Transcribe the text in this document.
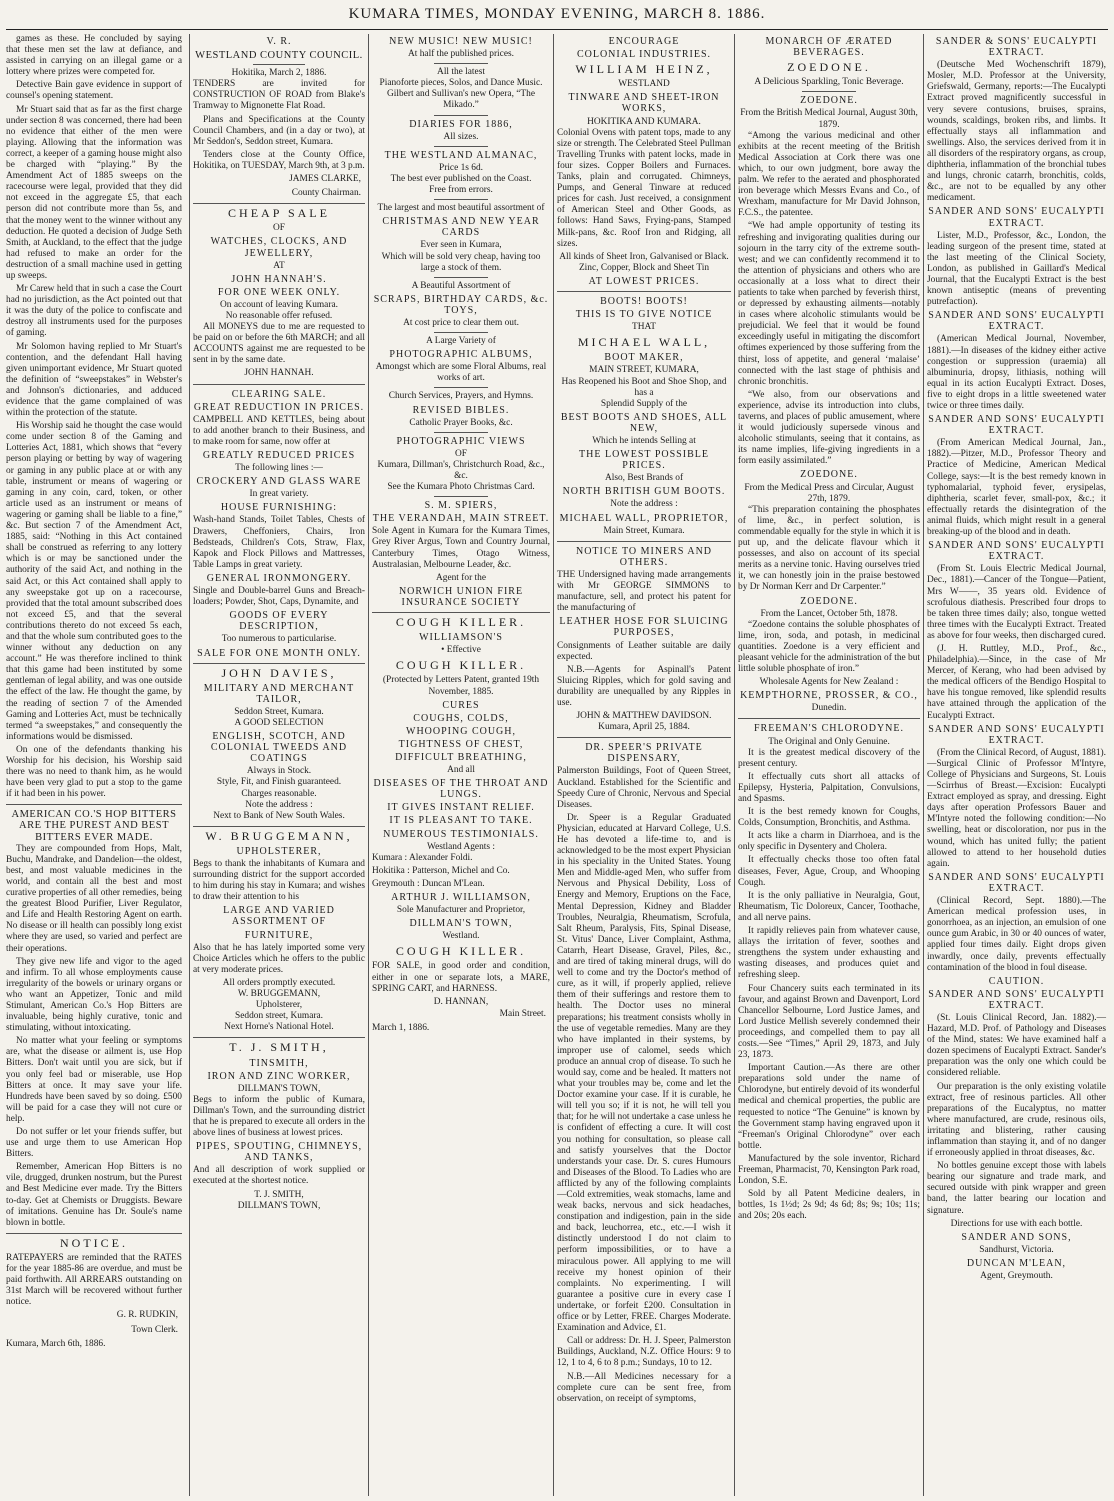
KUMARA TIMES, MONDAY EVENING, MARCH 8. 1886.

games as these. He concluded by saying that these men set the law at defiance, and assisted in carrying on an illegal game or a lottery where prizes were competed for.

Detective Bain gave evidence in support of counsel's opening statement.

Mr Stuart said that as far as the first charge under section 8 was concerned, there had been no evidence that either of the men were playing. Allowing that the information was correct, a keeper of a gaming house might also be charged with “playing.” By the Amendment Act of 1885 sweeps on the racecourse were legal, provided that they did not exceed in the aggregate £5, that each person did not contribute more than 5s, and that the money went to the winner without any deduction. He quoted a decision of Judge Seth Smith, at Auckland, to the effect that the judge had refused to make an order for the destruction of a small machine used in getting up sweeps.

Mr Carew held that in such a case the Court had no jurisdiction, as the Act pointed out that it was the duty of the police to confiscate and destroy all instruments used for the purposes of gaming.

Mr Solomon having replied to Mr Stuart's contention, and the defendant Hall having given unimportant evidence, Mr Stuart quoted the definition of “sweepstakes” in Webster's and Johnson's dictionaries, and adduced evidence that the game complained of was within the protection of the statute.

His Worship said he thought the case would come under section 8 of the Gaming and Lotteries Act, 1881, which shows that “every person playing or betting by way of wagering or gaming in any public place at or with any table, instrument or means of wagering or gaming in any coin, card, token, or other article used as an instrument or means of wagering or gaming shall be liable to a fine,” &c. But section 7 of the Amendment Act, 1885, said: “Nothing in this Act contained shall be construed as referring to any lottery which is or may be sanctioned under the authority of the said Act, and nothing in the said Act, or this Act contained shall apply to any sweepstake got up on a racecourse, provided that the total amount subscribed does not exceed £5, and that the several contributions thereto do not exceed 5s each, and that the whole sum contributed goes to the winner without any deduction on any account.” He was therefore inclined to think that this game had been instituted by some gentleman of legal ability, and was one outside the effect of the law. He thought the game, by the reading of section 7 of the Amended Gaming and Lotteries Act, must be technically termed “a sweepstakes,” and consequently the informations would be dismissed.

On one of the defendants thanking his Worship for his decision, his Worship said there was no need to thank him, as he would have been very glad to put a stop to the game if it had been in his power.

AMERICAN CO.'S HOP BITTERS ARE THE PUREST AND BEST BITTERS EVER MADE.

They are compounded from Hops, Malt, Buchu, Mandrake, and Dandelion—the oldest, best, and most valuable medicines in the world, and contain all the best and most curative properties of all other remedies, being the greatest Blood Purifier, Liver Regulator, and Life and Health Restoring Agent on earth. No disease or ill health can possibly long exist where they are used, so varied and perfect are their operations.

They give new life and vigor to the aged and infirm. To all whose employments cause irregularity of the bowels or urinary organs or who want an Appetizer, Tonic and mild Stimulant, American Co.'s Hop Bitters are invaluable, being highly curative, tonic and stimulating, without intoxicating.

No matter what your feeling or symptoms are, what the disease or ailment is, use Hop Bitters. Don't wait until you are sick, but if you only feel bad or miserable, use Hop Bitters at once. It may save your life. Hundreds have been saved by so doing. £500 will be paid for a case they will not cure or help.

Do not suffer or let your friends suffer, but use and urge them to use American Hop Bitters.

Remember, American Hop Bitters is no vile, drugged, drunken nostrum, but the Purest and Best Medicine ever made. Try the Bitters to-day. Get at Chemists or Druggists. Beware of imitations. Genuine has Dr. Soule's name blown in bottle.

NOTICE.
RATEPAYERS are reminded that the RATES for the year 1885-86 are overdue, and must be paid forthwith. All ARREARS outstanding on 31st March will be recovered without further notice.
G. R. RUDKIN,
Town Clerk.
Kumara, March 6th, 1886.
V. R.
WESTLAND COUNTY COUNCIL.
Hokitika, March 2, 1886.
TENDERS are invited for CONSTRUCTION OF ROAD from Blake's Tramway to Mignonette Flat Road.

Plans and Specifications at the County Council Chambers, and (in a day or two), at Mr Seddon's, Seddon street, Kumara.

Tenders close at the County Office, Hokitika, on TUESDAY, March 9th, at 3 p.m.

JAMES CLARKE,
County Chairman.
CHEAP SALE
OF
WATCHES, CLOCKS, AND JEWELLERY,
AT
JOHN HANNAH'S.
FOR ONE WEEK ONLY.
On account of leaving Kumara.
No reasonable offer refused.

All MONEYS due to me are requested to be paid on or before the 6th MARCH; and all ACCOUNTS against me are requested to be sent in by the same date.

JOHN HANNAH.
CLEARING SALE.
GREAT REDUCTION IN PRICES.
CAMPBELL AND KETTLES, being about to add another branch to their Business, and to make room for same, now offer at
GREATLY REDUCED PRICES
The following lines :—
CROCKERY AND GLASS WARE
In great variety.
HOUSE FURNISHING:
Wash-hand Stands, Toilet Tables, Chests of Drawers, Cheffoniers, Chairs, Iron Bedsteads, Children's Cots, Straw, Flax, Kapok and Flock Pillows and Mattresses, Table Lamps in great variety.
GENERAL IRONMONGERY.
Single and Double-barrel Guns and Breach-loaders; Powder, Shot, Caps, Dynamite, and
GOODS OF EVERY DESCRIPTION,
Too numerous to particularise.
SALE FOR ONE MONTH ONLY.
JOHN DAVIES,
MILITARY AND MERCHANT TAILOR,
Seddon Street, Kumara.
A GOOD SELECTION
ENGLISH, SCOTCH, AND COLONIAL TWEEDS AND COATINGS
Always in Stock.
Style, Fit, and Finish guaranteed.
Charges reasonable.
Note the address :
Next to Bank of New South Wales.
W. BRUGGEMANN,
UPHOLSTERER,
Begs to thank the inhabitants of Kumara and surrounding district for the support accorded to him during his stay in Kumara; and wishes to draw their attention to his
LARGE AND VARIED ASSORTMENT OF
FURNITURE,
Also that he has lately imported some very Choice Articles which he offers to the public at very moderate prices.
All orders promptly executed.
W. BRUGGEMANN,
Upholsterer,
Seddon street, Kumara.
Next Horne's National Hotel.
T. J. SMITH,
TINSMITH,
IRON AND ZINC WORKER,
DILLMAN'S TOWN,
Begs to inform the public of Kumara, Dillman's Town, and the surrounding district that he is prepared to execute all orders in the above lines of business at lowest prices.
PIPES, SPOUTING, CHIMNEYS, AND TANKS,
And all description of work supplied or executed at the shortest notice.
T. J. SMITH,
DILLMAN'S TOWN,
NEW MUSIC! NEW MUSIC!
At half the published prices.
All the latest
Pianoforte pieces, Solos, and Dance Music.
Gilbert and Sullivan's new Opera, “The Mikado.”
DIARIES FOR 1886,
All sizes.
THE WESTLAND ALMANAC,
Price 1s 6d.
The best ever published on the Coast.
Free from errors.
The largest and most beautiful assortment of
CHRISTMAS AND NEW YEAR CARDS
Ever seen in Kumara,
Which will be sold very cheap, having too large a stock of them.
A Beautiful Assortment of
SCRAPS, BIRTHDAY CARDS, &c. TOYS,
At cost price to clear them out.
A Large Variety of
PHOTOGRAPHIC ALBUMS,
Amongst which are some Floral Albums, real works of art.
Church Services, Prayers, and Hymns.
REVISED BIBLES.
Catholic Prayer Books, &c.
PHOTOGRAPHIC VIEWS
OF
Kumara, Dillman's, Christchurch Road, &c., &c.
See the Kumara Photo Christmas Card.
S. M. SPIERS,
THE VERANDAH, MAIN STREET.
Sole Agent in Kumara for the Kumara Times, Grey River Argus, Town and Country Journal, Canterbury Times, Otago Witness, Australasian, Melbourne Leader, &c.
Agent for the
NORWICH UNION FIRE INSURANCE SOCIETY
COUGH KILLER.
WILLIAMSON'S
• Effective
COUGH KILLER.
(Protected by Letters Patent, granted 19th November, 1885.
CURES
COUGHS, COLDS,
WHOOPING COUGH,
TIGHTNESS OF CHEST,
DIFFICULT BREATHING,
And all
DISEASES OF THE THROAT AND LUNGS.
IT GIVES INSTANT RELIEF.
IT IS PLEASANT TO TAKE.
NUMEROUS TESTIMONIALS.
Westland Agents :
Kumara : Alexander Foldi.
Hokitika : Patterson, Michel and Co.
Greymouth : Duncan M'Lean.
ARTHUR J. WILLIAMSON,
Sole Manufacturer and Proprietor,
DILLMAN'S TOWN,
Westland.
COUGH KILLER.
FOR SALE, in good order and condition, either in one or separate lots, a MARE, SPRING CART, and HARNESS.
D. HANNAN,
Main Street.
March 1, 1886.
ENCOURAGE
COLONIAL INDUSTRIES.
WILLIAM HEINZ,
WESTLAND
TINWARE AND SHEET-IRON WORKS,
HOKITIKA AND KUMARA.
Colonial Ovens with patent tops, made to any size or strength. The Celebrated Steel Pullman Travelling Trunks with patent locks, made in four sizes. Copper Boilers and Furnaces. Tanks, plain and corrugated. Chimneys, Pumps, and General Tinware at reduced prices for cash. Just received, a consignment of American Steel and Other Goods, as follows: Hand Saws, Frying-pans, Stamped Milk-pans, &c. Roof Iron and Ridging, all sizes.
All kinds of Sheet Iron, Galvanised or Black.
Zinc, Copper, Block and Sheet Tin
AT LOWEST PRICES.
BOOTS! BOOTS!
THIS IS TO GIVE NOTICE
THAT
MICHAEL WALL,
BOOT MAKER,
MAIN STREET, KUMARA,
Has Reopened his Boot and Shoe Shop, and has a
Splendid Supply of the
BEST BOOTS AND SHOES, ALL NEW,
Which he intends Selling at
THE LOWEST POSSIBLE PRICES.
Also, Best Brands of
NORTH BRITISH GUM BOOTS.
Note the address :
MICHAEL WALL, PROPRIETOR,
Main Street, Kumara.
NOTICE TO MINERS AND OTHERS.
THE Undersigned having made arrangements with Mr GEORGE SIMMONS to manufacture, sell, and protect his patent for the manufacturing of
LEATHER HOSE FOR SLUICING PURPOSES,
Consignments of Leather suitable are daily expected.

N.B.—Agents for Aspinall's Patent Sluicing Ripples, which for gold saving and durability are unequalled by any Ripples in use.

JOHN & MATTHEW DAVIDSON.
Kumara, April 25, 1884.
DR. SPEER'S PRIVATE DISPENSARY,
Palmerston Buildings, Foot of Queen Street, Auckland. Established for the Scientific and Speedy Cure of Chronic, Nervous and Special Diseases.

Dr. Speer is a Regular Graduated Physician, educated at Harvard College, U.S. He has devoted a life-time to, and is acknowledged to be the most expert Physician in his speciality in the United States. Young Men and Middle-aged Men, who suffer from Nervous and Physical Debility, Loss of Energy and Memory, Eruptions on the Face, Mental Depression, Kidney and Bladder Troubles, Neuralgia, Rheumatism, Scrofula, Salt Rheum, Paralysis, Fits, Spinal Disease, St. Vitus' Dance, Liver Complaint, Asthma, Catarrh, Heart Disease, Gravel, Piles, &c., and are tired of taking mineral drugs, will do well to come and try the Doctor's method of cure, as it will, if properly applied, relieve them of their sufferings and restore them to health. The Doctor uses no mineral preparations; his treatment consists wholly in the use of vegetable remedies. Many are they who have implanted in their systems, by improper use of calomel, seeds which produce an annual crop of disease. To such he would say, come and be healed. It matters not what your troubles may be, come and let the Doctor examine your case. If it is curable, he will tell you so; if it is not, he will tell you that; for he will not undertake a case unless he is confident of effecting a cure. It will cost you nothing for consultation, so please call and satisfy yourselves that the Doctor understands your case. Dr. S. cures Humours and Diseases of the Blood. To Ladies who are afflicted by any of the following complaints—Cold extremities, weak stomachs, lame and weak backs, nervous and sick headaches, constipation and indigestion, pain in the side and back, leuchorrea, etc., etc.—I wish it distinctly understood I do not claim to perform impossibilities, or to have a miraculous power. All applying to me will receive my honest opinion of their complaints. No experimenting. I will guarantee a positive cure in every case I undertake, or forfeit £200. Consultation in office or by Letter, FREE. Charges Moderate. Examination and Advice, £1.

Call or address: Dr. H. J. Speer, Palmerston Buildings, Auckland, N.Z. Office Hours: 9 to 12, 1 to 4, 6 to 8 p.m.; Sundays, 10 to 12.

N.B.—All Medicines necessary for a complete cure can be sent free, from observation, on receipt of symptoms,

MONARCH OF ÆRATED BEVERAGES.
ZOEDONE.
A Delicious Sparkling, Tonic Beverage.
ZOEDONE.
From the British Medical Journal, August 30th, 1879.

“Among the various medicinal and other exhibits at the recent meeting of the British Medical Association at Cork there was one which, to our own judgment, bore away the palm. We refer to the aerated and phosphorated iron beverage which Messrs Evans and Co., of Wrexham, manufacture for Mr David Johnson, F.C.S., the patentee.

“We had ample opportunity of testing its refreshing and invigorating qualities during our sojourn in the tarry city of the extreme south-west; and we can confidently recommend it to the attention of physicians and others who are occasionally at a loss what to direct their patients to take when parched by feverish thirst, or depressed by exhausting ailments—notably in cases where alcoholic stimulants would be prejudicial. We feel that it would be found exceedingly useful in mitigating the discomfort oftimes experienced by those suffering from the thirst, loss of appetite, and general ‘malaise’ connected with the last stage of phthisis and chronic bronchitis.

“We also, from our observations and experience, advise its introduction into clubs, taverns, and places of public amusement, where it would judiciously supersede vinous and alcoholic stimulants, seeing that it contains, as its name implies, life-giving ingredients in a form easily assimilated.”

ZOEDONE.
From the Medical Press and Circular, August 27th, 1879.

“This preparation containing the phosphates of lime, &c., in perfect solution, is commendable equally for the style in which it is put up, and the delicate flavour which it possesses, and also on account of its special merits as a nervine tonic. Having ourselves tried it, we can honestly join in the praise bestowed by Dr Norman Kerr and Dr Carpenter.”

ZOEDONE.
From the Lancet, October 5th, 1878.

“Zoedone contains the soluble phosphates of lime, iron, soda, and potash, in medicinal quantities. Zoedone is a very efficient and pleasant vehicle for the administration of the but little soluble phosphate of iron.”

Wholesale Agents for New Zealand :
KEMPTHORNE, PROSSER, & CO.,
Dunedin.
FREEMAN'S CHLORODYNE.
The Original and Only Genuine.

It is the greatest medical discovery of the present century.

It effectually cuts short all attacks of Epilepsy, Hysteria, Palpitation, Convulsions, and Spasms.

It is the best remedy known for Coughs, Colds, Consumption, Bronchitis, and Asthma.

It acts like a charm in Diarrhoea, and is the only specific in Dysentery and Cholera.

It effectually checks those too often fatal diseases, Fever, Ague, Croup, and Whooping Cough.

It is the only palliative in Neuralgia, Gout, Rheumatism, Tic Doloreux, Cancer, Toothache, and all nerve pains.

It rapidly relieves pain from whatever cause, allays the irritation of fever, soothes and strengthens the system under exhausting and wasting diseases, and produces quiet and refreshing sleep.

Four Chancery suits each terminated in its favour, and against Brown and Davenport, Lord Chancellor Selbourne, Lord Justice James, and Lord Justice Mellish severely condemned their proceedings, and compelled them to pay all costs.—See “Times,” April 29, 1873, and July 23, 1873.

Important Caution.—As there are other preparations sold under the name of Chlorodyne, but entirely devoid of its wonderful medical and chemical properties, the public are requested to notice “The Genuine” is known by the Government stamp having engraved upon it “Freeman's Original Chlorodyne” over each bottle.

Manufactured by the sole inventor, Richard Freeman, Pharmacist, 70, Kensington Park road, London, S.E.

Sold by all Patent Medicine dealers, in bottles, 1s 1½d; 2s 9d; 4s 6d; 8s; 9s; 10s; 11s; and 20s; 20s each.

SANDER & SONS' EUCALYPTI EXTRACT.

(Deutsche Med Wochenschrift 1879), Mosler, M.D. Professor at the University, Griefswald, Germany, reports:—The Eucalypti Extract proved magnificently successful in very severe contusions, bruises, sprains, wounds, scaldings, broken ribs, and limbs. It effectually stays all inflammation and swellings. Also, the services derived from it in all disorders of the respiratory organs, as croup, diphtheria, inflammation of the bronchial tubes and lungs, chronic catarrh, bronchitis, colds, &c., are not to be equalled by any other medicament.

SANDER AND SONS' EUCALYPTI EXTRACT.

Lister, M.D., Professor, &c., London, the leading surgeon of the present time, stated at the last meeting of the Clinical Society, London, as published in Gaillard's Medical Journal, that the Eucalypti Extract is the best known antiseptic (means of preventing putrefaction).

SANDER AND SONS' EUCALYPTI EXTRACT.

(American Medical Journal, November, 1881).—In diseases of the kidney either active congestion or suppression (uraemia) all albuminuria, dropsy, lithiasis, nothing will equal in its action Eucalypti Extract. Doses, five to eight drops in a little sweetened water twice or three times daily.

SANDER AND SONS' EUCALYPTI EXTRACT.

(From American Medical Journal, Jan., 1882).—Pitzer, M.D., Professor Theory and Practice of Medicine, American Medical College, says:—It is the best remedy known in typhomalarial, typhoid fever, erysipelas, diphtheria, scarlet fever, small-pox, &c.; it effectually retards the disintegration of the animal fluids, which might result in a general breaking-up of the blood and in death.

SANDER AND SONS' EUCALYPTI EXTRACT.

(From St. Louis Electric Medical Journal, Dec., 1881).—Cancer of the Tongue—Patient, Mrs W——, 35 years old. Evidence of scrofulous diathesis. Prescribed four drops to be taken three times daily; also, tongue wetted three times with the Eucalypti Extract. Treated as above for four weeks, then discharged cured.

(J. H. Ruttley, M.D., Prof., &c., Philadelphia).—Since, in the case of Mr Mercer, of Kerang, who had been advised by the medical officers of the Bendigo Hospital to have his tongue removed, like splendid results have attained through the application of the Eucalypti Extract.

SANDER AND SONS' EUCALYPTI EXTRACT.

(From the Clinical Record, of August, 1881).—Surgical Clinic of Professor M'Intyre, College of Physicians and Surgeons, St. Louis—Scirrhus of Breast.—Excision: Eucalypti Extract employed as spray, and dressing. Eight days after operation Professors Bauer and M'Intyre noted the following condition:—No swelling, heat or discoloration, nor pus in the wound, which has united fully; the patient allowed to attend to her household duties again.

SANDER AND SONS' EUCALYPTI EXTRACT.

(Clinical Record, Sept. 1880).—The American medical profession uses, in gonorrhoea, as an injection, an emulsion of one ounce gum Arabic, in 30 or 40 ounces of water, applied four times daily. Eight drops given inwardly, once daily, prevents effectually contamination of the blood in foul disease.

CAUTION.
SANDER AND SONS' EUCALYPTI EXTRACT.

(St. Louis Clinical Record, Jan. 1882).—Hazard, M.D. Prof. of Pathology and Diseases of the Mind, states: We have examined half a dozen specimens of Eucalypti Extract. Sander's preparation was the only one which could be considered reliable.

Our preparation is the only existing volatile extract, free of resinous particles. All other preparations of the Eucalyptus, no matter where manufactured, are crude, resinous oils, irritating and blistering, rather causing inflammation than staying it, and of no danger if erroneously applied in throat diseases, &c.

No bottles genuine except those with labels bearing our signature and trade mark, and secured outside with pink wrapper and green band, the latter bearing our location and signature.

Directions for use with each bottle.
SANDER AND SONS,
Sandhurst, Victoria.
DUNCAN M'LEAN,
Agent, Greymouth.
